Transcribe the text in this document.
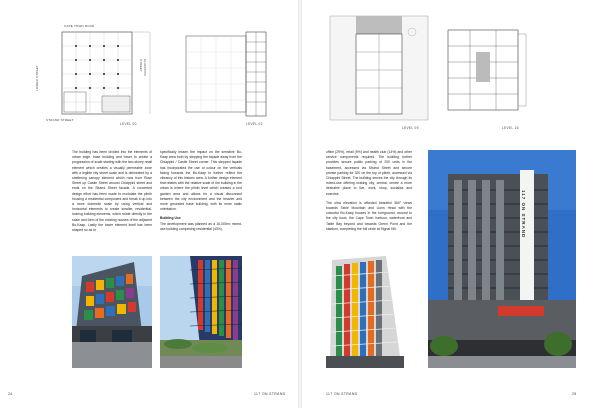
CAPE TOWN ROAD
LOWER STREET	CHIAPPINI STREET
STRAND STREET
LEVEL 00	LEVEL 02

The building has been divided into the elements of urban edge, base building and tower to create a progression of scale starting with the two-storey retail element which creates a visually permeable zone with a legible city street scale and is delineated by a sheltering canopy element which runs from Rose Street up Castle Street around Chiappini street and ends on the Strand Street facade. A concerted design effort has been made to modulate the plinth housing a residential component and break it up into a more domestic scale by using vertical and horizontal elements to create smaller, residential-looking building elements, which relate directly to the scale and form of the existing houses of the adjacent Bo-Kaap. Lastly the tower element itself has been shaped so as to

specifically lessen the impact on the sensitive Bo-Kaap area both by stepping the façade away from the Chiappini / Castle Street corner. This stepped façade has incorporated the use of colour on the verticals facing towards the Bo-Kaap to further reflect the vibrancy of this historic area. A further design element that relates with the relative scale of the building in the urban is where the plinth level which creates a roof garden area and allows for a visual disconnect between the city environment and the heavier and more grounded base building, with its more static orientation.

Building Use

The development was planned as a 16,000m² mixed-use building comprising residential (43%),

24	117 ON STRAND
LEVEL 09	LEVEL 16

office (29%), retail (9%) and health club (14%) and other service components required. The building further provides secure public parking of 200 units in the basement, accessed via Strand Street and secure private parking for 320 on the top of plinth, accessed via Chiappini Street. The building serves the city through its mixed-use offering making city, central, centre a more desirable place to live, work, shop, socialise and exercise.

The ultra elevation is afforded beautiful 360° views towards Table Mountain and Lions Head with the colourful Bo-Kaap houses in the foreground, around to the city bowl, the Cape Town harbour, waterfront and Table Bay beyond and towards Green Point and the stadium, completing the full circle at Signal Hill.	117 ON STRAND
117 ON STRAND	25
